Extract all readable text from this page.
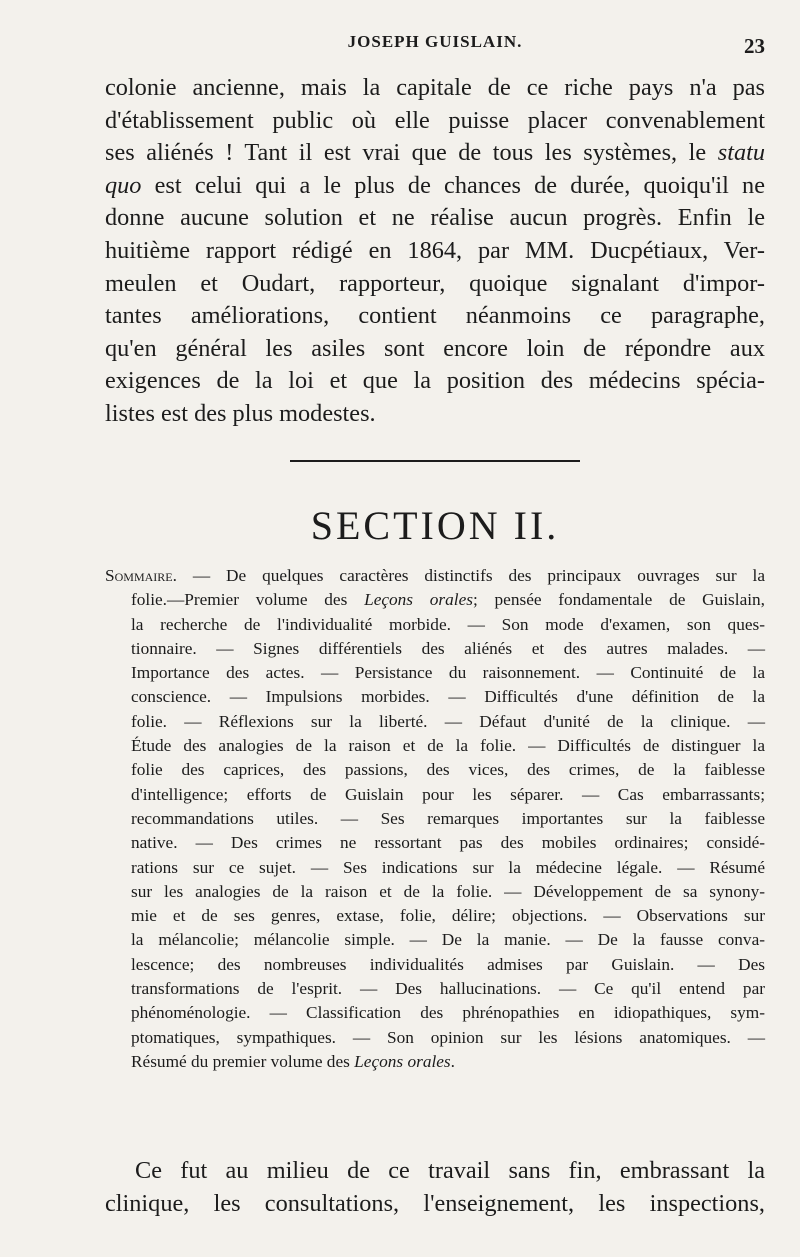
JOSEPH GUISLAIN.	23
colonie ancienne, mais la capitale de ce riche pays n'a pas
d'établissement public où elle puisse placer convenablement
ses aliénés ! Tant il est vrai que de tous les systèmes, le statu
quo est celui qui a le plus de chances de durée, quoiqu'il ne
donne aucune solution et ne réalise aucun progrès. Enfin le
huitième rapport rédigé en 1864, par MM. Ducpétiaux, Ver-
meulen et Oudart, rapporteur, quoique signalant d'impor-
tantes améliorations, contient néanmoins ce paragraphe,
qu'en général les asiles sont encore loin de répondre aux
exigences de la loi et que la position des médecins spécia-
listes est des plus modestes.
SECTION II.
Sommaire. — De quelques caractères distinctifs des principaux ouvrages sur la
folie.—Premier volume des Leçons orales; pensée fondamentale de Guislain,
la recherche de l'individualité morbide. — Son mode d'examen, son ques-
tionnaire. — Signes différentiels des aliénés et des autres malades. —
Importance des actes. — Persistance du raisonnement. — Continuité de la
conscience. — Impulsions morbides. — Difficultés d'une définition de la
folie. — Réflexions sur la liberté. — Défaut d'unité de la clinique. —
Étude des analogies de la raison et de la folie. — Difficultés de distinguer la
folie des caprices, des passions, des vices, des crimes, de la faiblesse
d'intelligence; efforts de Guislain pour les séparer. — Cas embarrassants;
recommandations utiles. — Ses remarques importantes sur la faiblesse
native. — Des crimes ne ressortant pas des mobiles ordinaires; considé-
rations sur ce sujet. — Ses indications sur la médecine légale. — Résumé
sur les analogies de la raison et de la folie. — Développement de sa synony-
mie et de ses genres, extase, folie, délire; objections. — Observations sur
la mélancolie; mélancolie simple. — De la manie. — De la fausse conva-
lescence; des nombreuses individualités admises par Guislain. — Des
transformations de l'esprit. — Des hallucinations. — Ce qu'il entend par
phénoménologie. — Classification des phrénopathies en idiopathiques, sym-
ptomatiques, sympathiques. — Son opinion sur les lésions anatomiques. —
Résumé du premier volume des Leçons orales.
Ce fut au milieu de ce travail sans fin, embrassant la
clinique, les consultations, l'enseignement, les inspections,
